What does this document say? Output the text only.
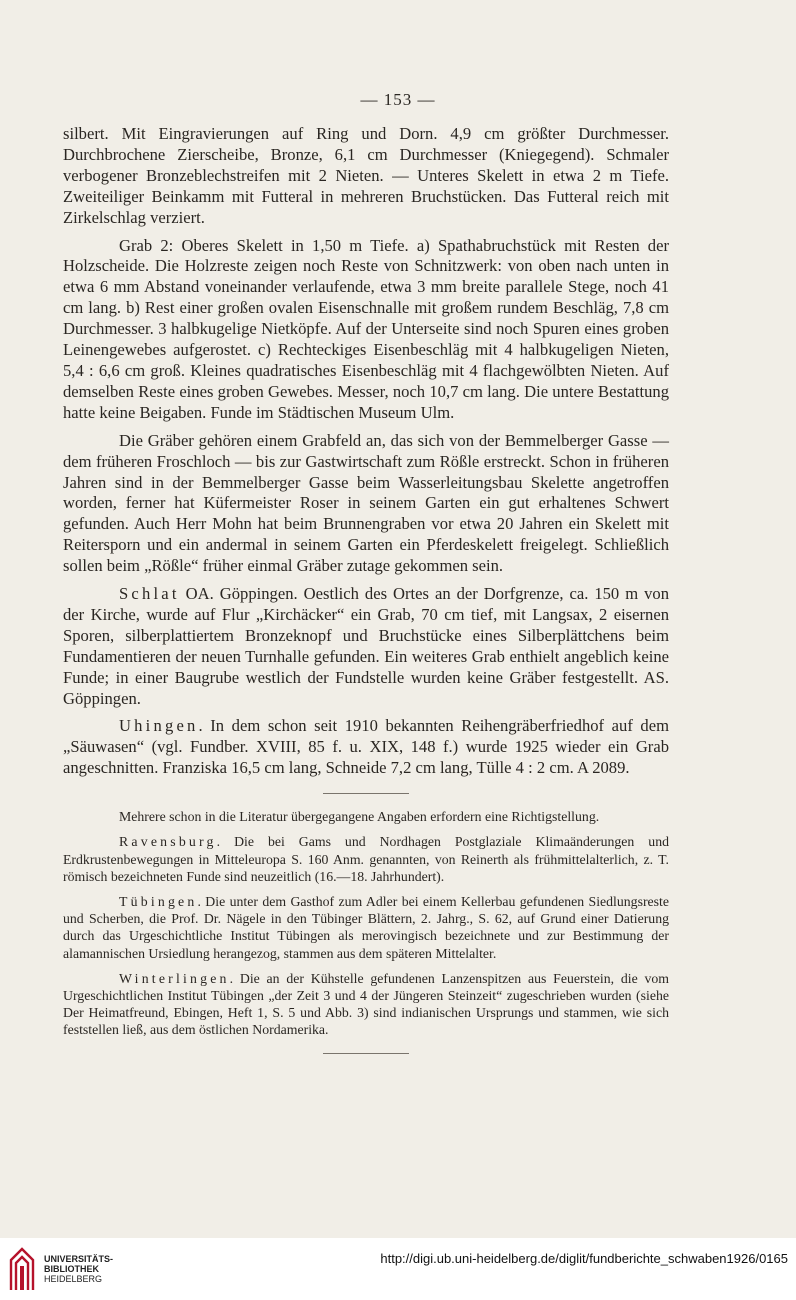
— 153 —

silbert. Mit Eingravierungen auf Ring und Dorn. 4,9 cm größter Durchmesser. Durchbrochene Zierscheibe, Bronze, 6,1 cm Durchmesser (Kniegegend). Schmaler verbogener Bronzeblechstreifen mit 2 Nieten. — Unteres Skelett in etwa 2 m Tiefe. Zweiteiliger Beinkamm mit Futteral in mehreren Bruchstücken. Das Futteral reich mit Zirkelschlag verziert.

Grab 2: Oberes Skelett in 1,50 m Tiefe. a) Spathabruchstück mit Resten der Holzscheide. Die Holzreste zeigen noch Reste von Schnitzwerk: von oben nach unten in etwa 6 mm Abstand voneinander verlaufende, etwa 3 mm breite parallele Stege, noch 41 cm lang. b) Rest einer großen ovalen Eisenschnalle mit großem rundem Beschläg, 7,8 cm Durchmesser. 3 halbkugelige Nietköpfe. Auf der Unterseite sind noch Spuren eines groben Leinengewebes aufgerostet. c) Rechteckiges Eisenbeschläg mit 4 halbkugeligen Nieten, 5,4 : 6,6 cm groß. Kleines quadratisches Eisenbeschläg mit 4 flachgewölbten Nieten. Auf demselben Reste eines groben Gewebes. Messer, noch 10,7 cm lang. Die untere Bestattung hatte keine Beigaben. Funde im Städtischen Museum Ulm.

Die Gräber gehören einem Grabfeld an, das sich von der Bemmelberger Gasse — dem früheren Froschloch — bis zur Gastwirtschaft zum Rößle erstreckt. Schon in früheren Jahren sind in der Bemmelberger Gasse beim Wasserleitungsbau Skelette angetroffen worden, ferner hat Küfermeister Roser in seinem Garten ein gut erhaltenes Schwert gefunden. Auch Herr Mohn hat beim Brunnengraben vor etwa 20 Jahren ein Skelett mit Reitersporn und ein andermal in seinem Garten ein Pferdeskelett freigelegt. Schließlich sollen beim „Rößle“ früher einmal Gräber zutage gekommen sein.

Schlat OA. Göppingen. Oestlich des Ortes an der Dorfgrenze, ca. 150 m von der Kirche, wurde auf Flur „Kirchäcker“ ein Grab, 70 cm tief, mit Langsax, 2 eisernen Sporen, silberplattiertem Bronzeknopf und Bruchstücke eines Silberplättchens beim Fundamentieren der neuen Turnhalle gefunden. Ein weiteres Grab enthielt angeblich keine Funde; in einer Baugrube westlich der Fundstelle wurden keine Gräber festgestellt. AS. Göppingen.

Uhingen. In dem schon seit 1910 bekannten Reihengräberfriedhof auf dem „Säuwasen“ (vgl. Fundber. XVIII, 85 f. u. XIX, 148 f.) wurde 1925 wieder ein Grab angeschnitten. Franziska 16,5 cm lang, Schneide 7,2 cm lang, Tülle 4 : 2 cm. A 2089.

Mehrere schon in die Literatur übergegangene Angaben erfordern eine Richtigstellung.

Ravensburg. Die bei Gams und Nordhagen Postglaziale Klimaänderungen und Erdkrustenbewegungen in Mitteleuropa S. 160 Anm. genannten, von Reinerth als frühmittelalterlich, z. T. römisch bezeichneten Funde sind neuzeitlich (16.—18. Jahrhundert).

Tübingen. Die unter dem Gasthof zum Adler bei einem Kellerbau gefundenen Siedlungsreste und Scherben, die Prof. Dr. Nägele in den Tübinger Blättern, 2. Jahrg., S. 62, auf Grund einer Datierung durch das Urgeschichtliche Institut Tübingen als merovingisch bezeichnete und zur Bestimmung der alamannischen Ursiedlung herangezog, stammen aus dem späteren Mittelalter.

Winterlingen. Die an der Kühstelle gefundenen Lanzenspitzen aus Feuerstein, die vom Urgeschichtlichen Institut Tübingen „der Zeit 3 und 4 der Jüngeren Steinzeit“ zugeschrieben wurden (siehe Der Heimatfreund, Ebingen, Heft 1, S. 5 und Abb. 3) sind indianischen Ursprungs und stammen, wie sich feststellen ließ, aus dem östlichen Nordamerika.

UNIVERSITÄTS-
BIBLIOTHEK
HEIDELBERG
http://digi.ub.uni-heidelberg.de/diglit/fundberichte_schwaben1926/0165
